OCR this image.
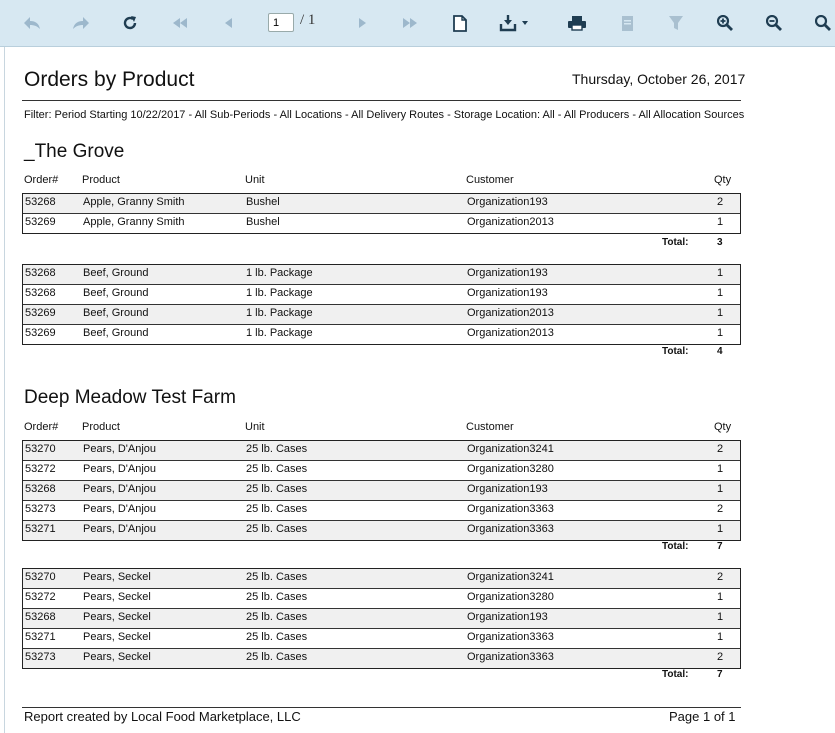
1
/ 1
Orders by Product	Thursday, October 26, 2017
Filter: Period Starting 10/22/2017 - All Sub-Periods - All Locations - All Delivery Routes - Storage Location: All - All Producers - All Allocation Sources
_The Grove
Order# Product	Unit	Customer	Qty
53268 Apple, Granny Smith	Bushel	Organization193	2
53269 Apple, Granny Smith	Bushel	Organization2013	1
Total:	3
53268 Beef, Ground	1 lb. Package	Organization193	1
53268 Beef, Ground	1 lb. Package	Organization193	1
53269 Beef, Ground	1 lb. Package	Organization2013	1
53269 Beef, Ground	1 lb. Package	Organization2013	1
Total:	4
Deep Meadow Test Farm
Order# Product	Unit	Customer	Qty
53270 Pears, D'Anjou	25 lb. Cases	Organization3241	2
53272 Pears, D'Anjou	25 lb. Cases	Organization3280	1
53268 Pears, D'Anjou	25 lb. Cases	Organization193	1
53273 Pears, D'Anjou	25 lb. Cases	Organization3363	2
53271 Pears, D'Anjou	25 lb. Cases	Organization3363	1
Total:	7
53270 Pears, Seckel	25 lb. Cases	Organization3241	2
53272 Pears, Seckel	25 lb. Cases	Organization3280	1
53268 Pears, Seckel	25 lb. Cases	Organization193	1
53271 Pears, Seckel	25 lb. Cases	Organization3363	1
53273 Pears, Seckel	25 lb. Cases	Organization3363	2
Total:	7
Report created by Local Food Marketplace, LLC	Page 1 of 1
